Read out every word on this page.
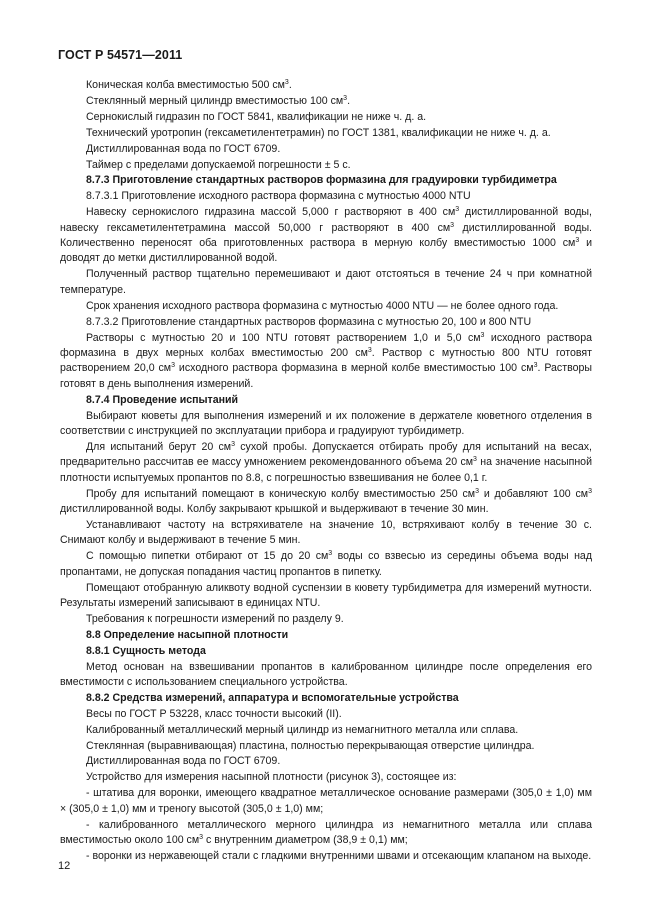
ГОСТ Р 54571—2011
Коническая колба вместимостью 500 $см^3$.
Стеклянный мерный цилиндр вместимостью 100 $см^3$.
Сернокислый гидразин по ГОСТ 5841, квалификации не ниже ч. д. а.
Технический уротропин (гексаметилентетрамин) по ГОСТ 1381, квалификации не ниже ч. д. а.
Дистиллированная вода по ГОСТ 6709.
Таймер с пределами допускаемой погрешности ± 5 с.
8.7.3 Приготовление стандартных растворов формазина для градуировки турбидиметра
8.7.3.1 Приготовление исходного раствора формазина с мутностью 4000 NTU
Навеску сернокислого гидразина массой 5,000 г растворяют в 400 $см^3$ дистиллированной воды, навеску гексаметилентетрамина массой 50,000 г растворяют в 400 $см^3$ дистиллированной воды. Количественно переносят оба приготовленных раствора в мерную колбу вместимостью 1000 $см^3$ и доводят до метки дистиллированной водой.
Полученный раствор тщательно перемешивают и дают отстояться в течение 24 ч при комнатной температуре.
Срок хранения исходного раствора формазина с мутностью 4000 NTU — не более одного года.
8.7.3.2 Приготовление стандартных растворов формазина с мутностью 20, 100 и 800 NTU
Растворы с мутностью 20 и 100 NTU готовят растворением 1,0 и 5,0 $см^3$ исходного раствора формазина в двух мерных колбах вместимостью 200 $см^3$. Раствор с мутностью 800 NTU готовят растворением 20,0 $см^3$ исходного раствора формазина в мерной колбе вместимостью 100 $см^3$. Растворы готовят в день выполнения измерений.
8.7.4 Проведение испытаний
Выбирают кюветы для выполнения измерений и их положение в держателе кюветного отделения в соответствии с инструкцией по эксплуатации прибора и градуируют турбидиметр.
Для испытаний берут 20 $см^3$ сухой пробы. Допускается отбирать пробу для испытаний на весах, предварительно рассчитав ее массу умножением рекомендованного объема 20 $см^3$ на значение насыпной плотности испытуемых пропантов по 8.8, с погрешностью взвешивания не более 0,1 г.
Пробу для испытаний помещают в коническую колбу вместимостью 250 $см^3$ и добавляют 100 $см^3$ дистиллированной воды. Колбу закрывают крышкой и выдерживают в течение 30 мин.
Устанавливают частоту на встряхивателе на значение 10, встряхивают колбу в течение 30 с. Снимают колбу и выдерживают в течение 5 мин.
С помощью пипетки отбирают от 15 до 20 $см^3$ воды со взвесью из середины объема воды над пропантами, не допуская попадания частиц пропантов в пипетку.
Помещают отобранную аликвоту водной суспензии в кювету турбидиметра для измерений мутности. Результаты измерений записывают в единицах NTU.
Требования к погрешности измерений по разделу 9.
8.8 Определение насыпной плотности
8.8.1 Сущность метода
Метод основан на взвешивании пропантов в калиброванном цилиндре после определения его вместимости с использованием специального устройства.
8.8.2 Средства измерений, аппаратура и вспомогательные устройства
Весы по ГОСТ Р 53228, класс точности высокий (II).
Калиброванный металлический мерный цилиндр из немагнитного металла или сплава.
Стеклянная (выравнивающая) пластина, полностью перекрывающая отверстие цилиндра.
Дистиллированная вода по ГОСТ 6709.
Устройство для измерения насыпной плотности (рисунок 3), состоящее из:
- штатива для воронки, имеющего квадратное металлическое основание размерами (305,0 ± 1,0) мм × (305,0 ± 1,0) мм и треногу высотой (305,0 ± 1,0) мм;
- калиброванного металлического мерного цилиндра из немагнитного металла или сплава вместимостью около 100 $см^3$ с внутренним диаметром (38,9 ± 0,1) мм;
- воронки из нержавеющей стали с гладкими внутренними швами и отсекающим клапаном на выходе.
12
